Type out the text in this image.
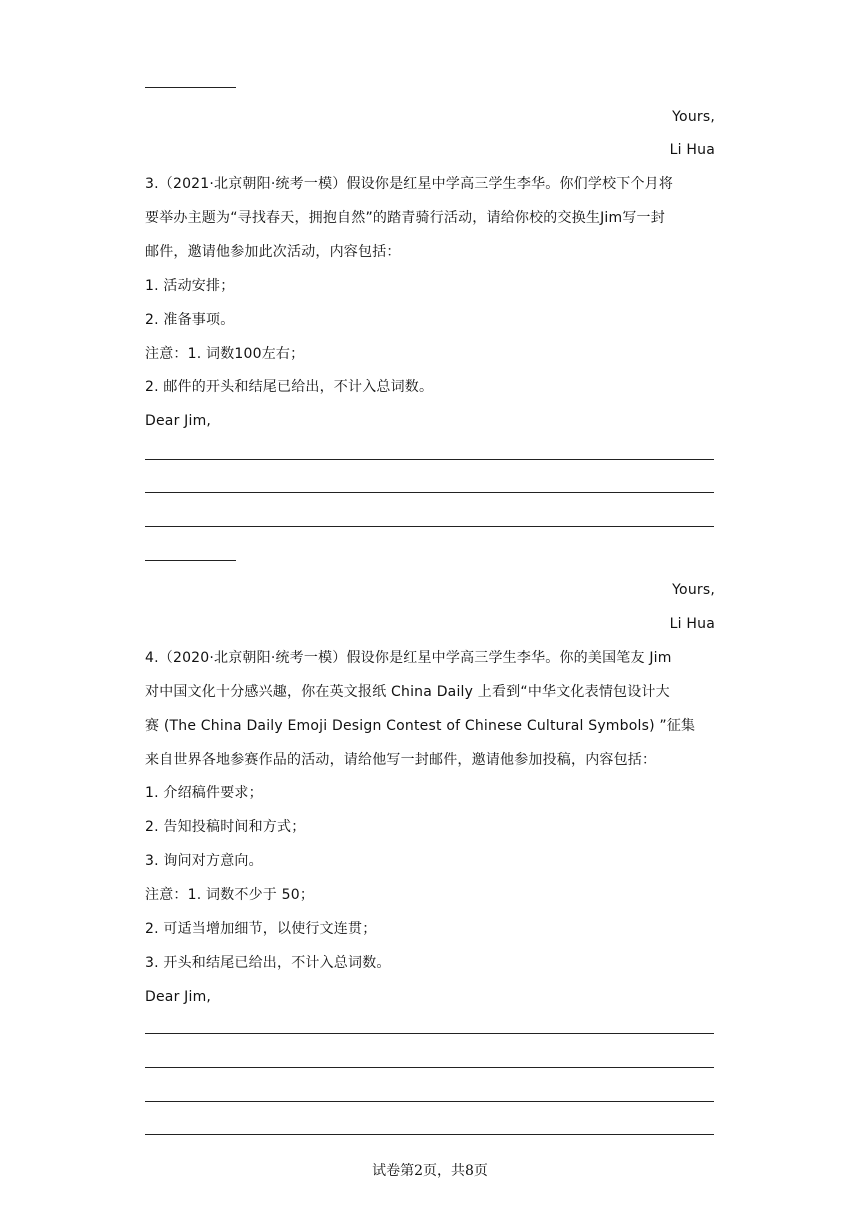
Yours,
Li Hua
3.（2021·北京朝阳·统考一模）假设你是红星中学高三学生李华。你们学校下个月将
要举办主题为“寻找春天，拥抱自然”的踏青骑行活动，请给你校的交换生Jim写一封
邮件，邀请他参加此次活动，内容包括：
1. 活动安排；
2. 准备事项。
注意：1. 词数100左右；
2. 邮件的开头和结尾已给出，不计入总词数。
Dear Jim,
Yours,
Li Hua
4.（2020·北京朝阳·统考一模）假设你是红星中学高三学生李华。你的美国笔友 Jim
对中国文化十分感兴趣，你在英文报纸 China Daily 上看到“中华文化表情包设计大
赛 (The China Daily Emoji Design Contest of Chinese Cultural Symbols) ”征集
来自世界各地参赛作品的活动，请给他写一封邮件，邀请他参加投稿，内容包括：
1. 介绍稿件要求；
2. 告知投稿时间和方式；
3. 询问对方意向。
注意：1. 词数不少于 50；
2. 可适当增加细节，以使行文连贯；
3. 开头和结尾已给出，不计入总词数。
Dear Jim,
试卷第2页，共8页
